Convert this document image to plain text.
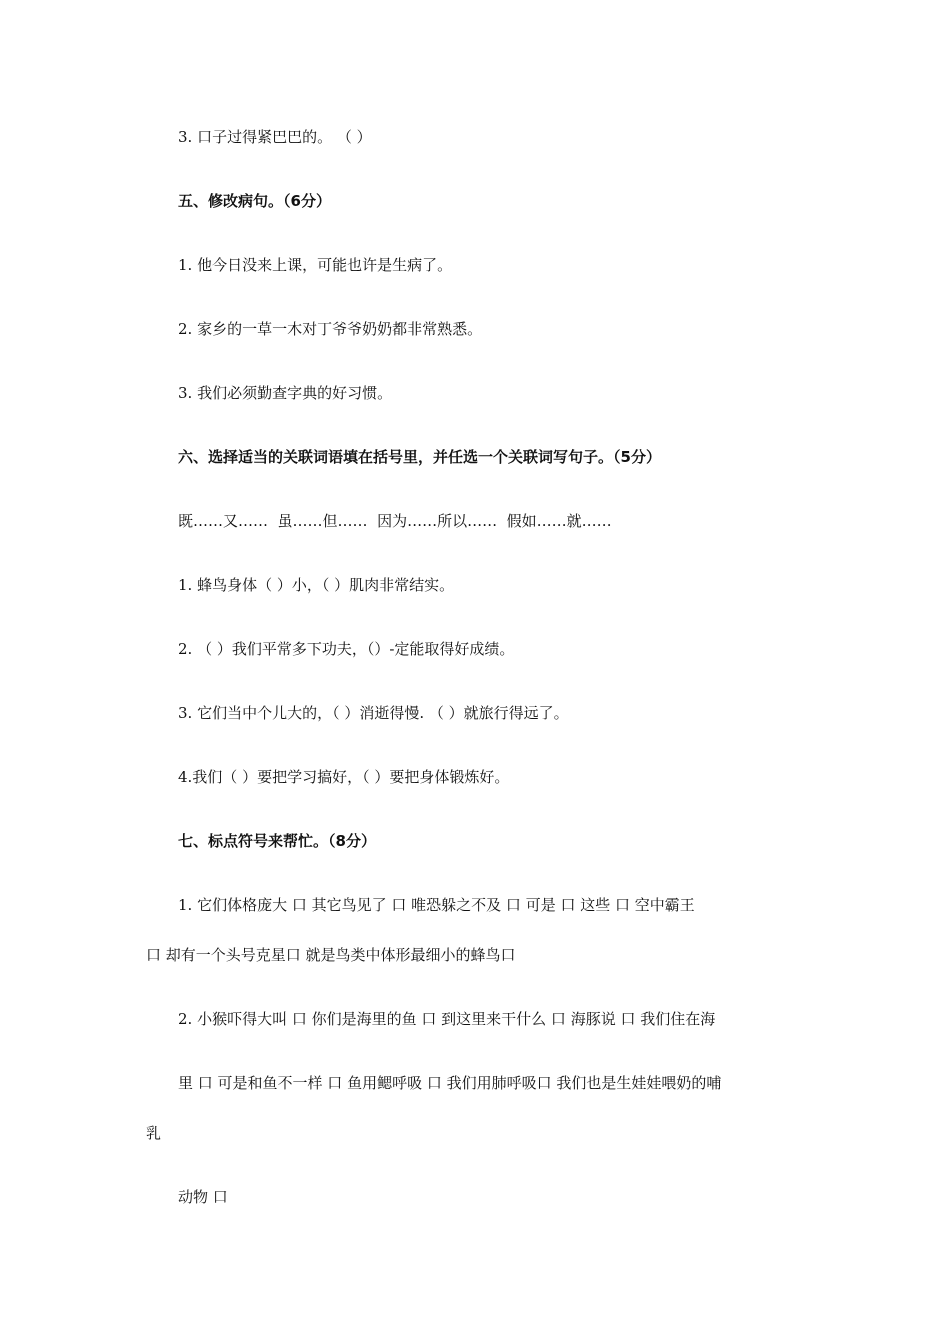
3. 口子过得紧巴巴的。 （ ）

五、修改病句。（6分）

1. 他今日没来上课，可能也许是生病了。

2. 家乡的一草一木对丁爷爷奶奶都非常熟悉。

3. 我们必须勤查字典的好习惯。

六、选择适当的关联词语填在括号里，并任选一个关联词写句子。（5分）

既……又……  虽……但……  因为……所以……  假如……就……

1. 蜂鸟身体（ ）小，（ ）肌肉非常结实。

2. （ ）我们平常多下功夫，（）-定能取得好成绩。

3. 它们当中个儿大的，（ ）消逝得慢. （ ）就旅行得远了。

4.我们（ ）要把学习搞好，（ ）要把身体锻炼好。

七、标点符号来帮忙。（8分）

1. 它们体格庞大 口 其它鸟见了 口 唯恐躲之不及 口 可是 口 这些 口 空中霸王

口 却有一个头号克星口 就是鸟类中体形最细小的蜂鸟口

2. 小猴吓得大叫 口 你们是海里的鱼 口 到这里来干什么 口 海豚说 口 我们住在海

里 口 可是和鱼不一样 口 鱼用鳃呼吸 口 我们用肺呼吸口 我们也是生娃娃喂奶的哺

乳

动物 口
